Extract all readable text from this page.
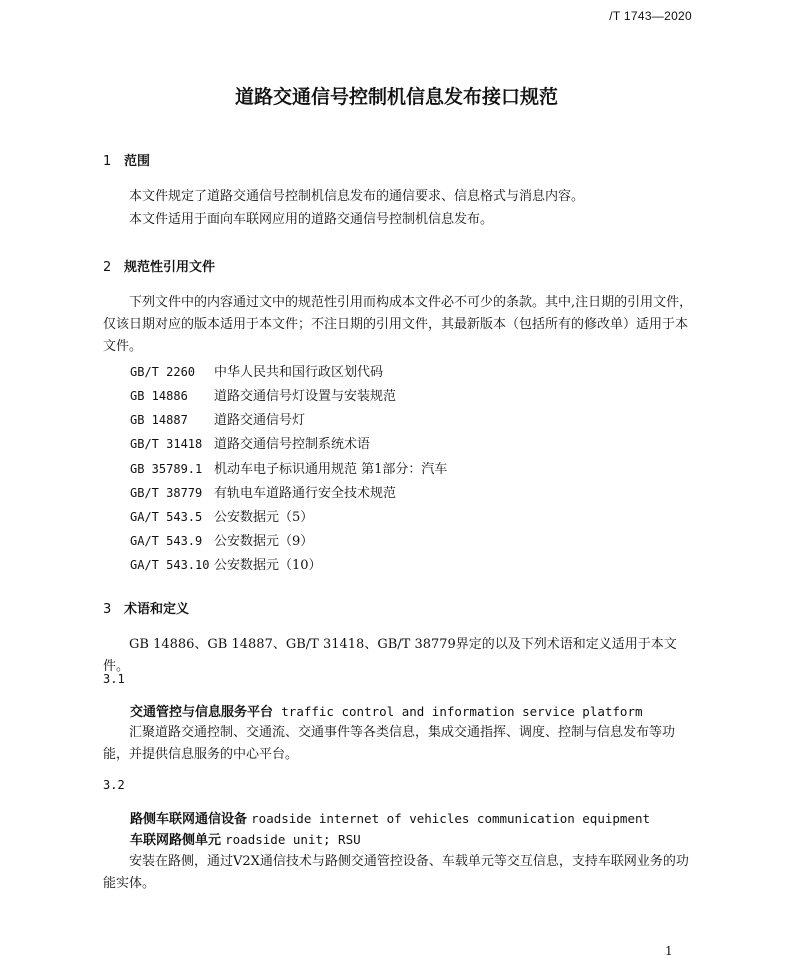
/T 1743—2020
道路交通信号控制机信息发布接口规范
1 范围
本文件规定了道路交通信号控制机信息发布的通信要求、信息格式与消息内容。
本文件适用于面向车联网应用的道路交通信号控制机信息发布。
2 规范性引用文件
下列文件中的内容通过文中的规范性引用而构成本文件必不可少的条款。其中,注日期的引用文件，仅该日期对应的版本适用于本文件；不注日期的引用文件，其最新版本（包括所有的修改单）适用于本文件。
GB/T 2260 中华人民共和国行政区划代码
GB 14886 道路交通信号灯设置与安装规范
GB 14887 道路交通信号灯
GB/T 31418 道路交通信号控制系统术语
GB 35789.1 机动车电子标识通用规范 第1部分：汽车
GB/T 38779 有轨电车道路通行安全技术规范
GA/T 543.5 公安数据元（5）
GA/T 543.9 公安数据元（9）
GA/T 543.10 公安数据元（10）
3 术语和定义
GB 14886、GB 14887、GB/T 31418、GB/T 38779界定的以及下列术语和定义适用于本文件。
3.1
交通管控与信息服务平台 traffic control and information service platform
汇聚道路交通控制、交通流、交通事件等各类信息，集成交通指挥、调度、控制与信息发布等功能，并提供信息服务的中心平台。
3.2
路侧车联网通信设备 roadside internet of vehicles communication equipment
车联网路侧单元 roadside unit; RSU
安装在路侧，通过V2X通信技术与路侧交通管控设备、车载单元等交互信息，支持车联网业务的功能实体。
1
